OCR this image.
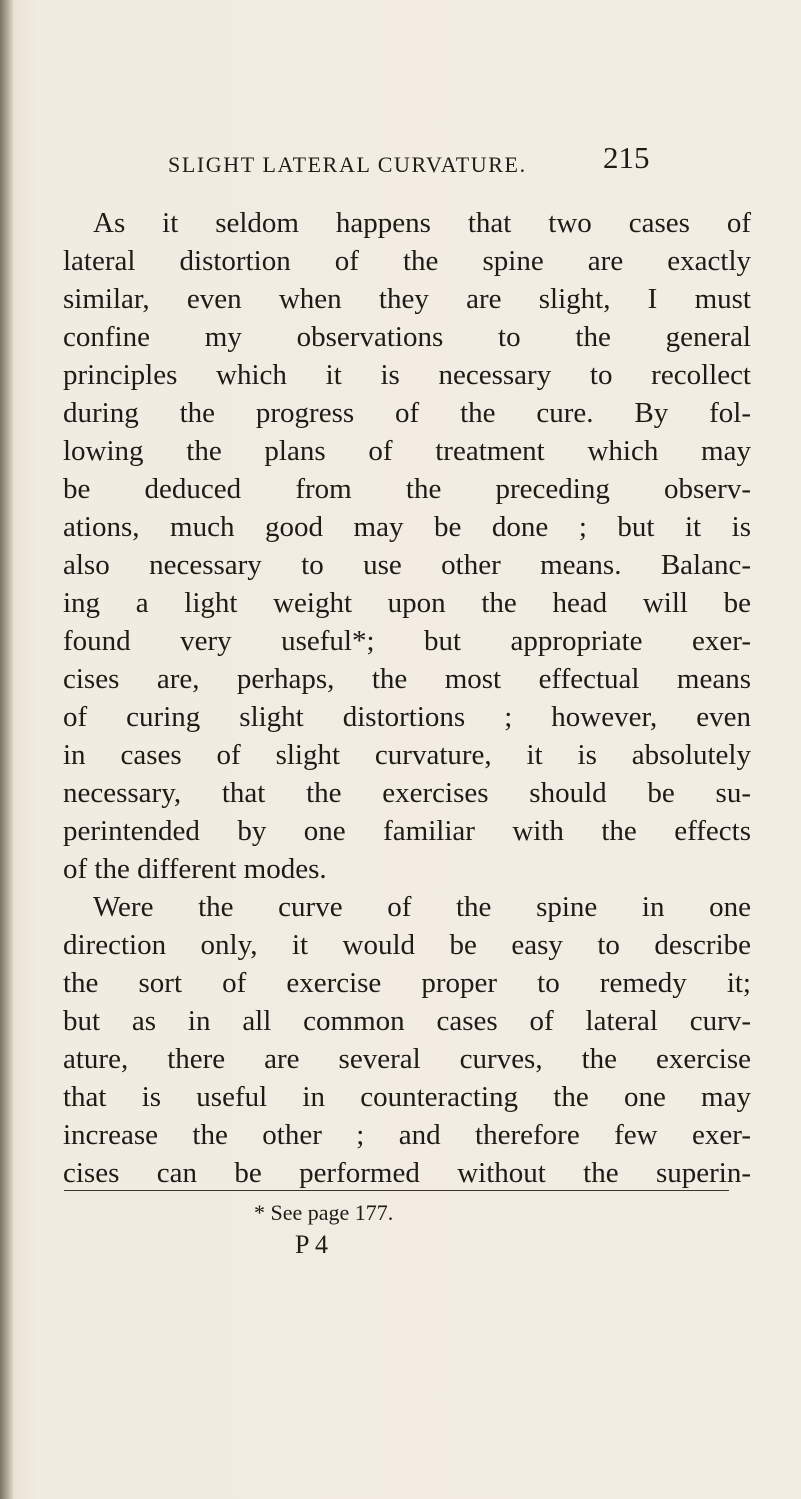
SLIGHT LATERAL CURVATURE.	215
As it seldom happens that two cases of
lateral distortion of the spine are exactly
similar, even when they are slight, I must
confine my observations to the general
principles which it is necessary to recollect
during the progress of the cure. By fol-
lowing the plans of treatment which may
be deduced from the preceding observ-
ations, much good may be done ; but it is
also necessary to use other means. Balanc-
ing a light weight upon the head will be
found very useful*; but appropriate exer-
cises are, perhaps, the most effectual means
of curing slight distortions ; however, even
in cases of slight curvature, it is absolutely
necessary, that the exercises should be su-
perintended by one familiar with the effects
of the different modes.
Were the curve of the spine in one
direction only, it would be easy to describe
the sort of exercise proper to remedy it;
but as in all common cases of lateral curv-
ature, there are several curves, the exercise
that is useful in counteracting the one may
increase the other ; and therefore few exer-
cises can be performed without the superin-
* See page 177.
P 4
